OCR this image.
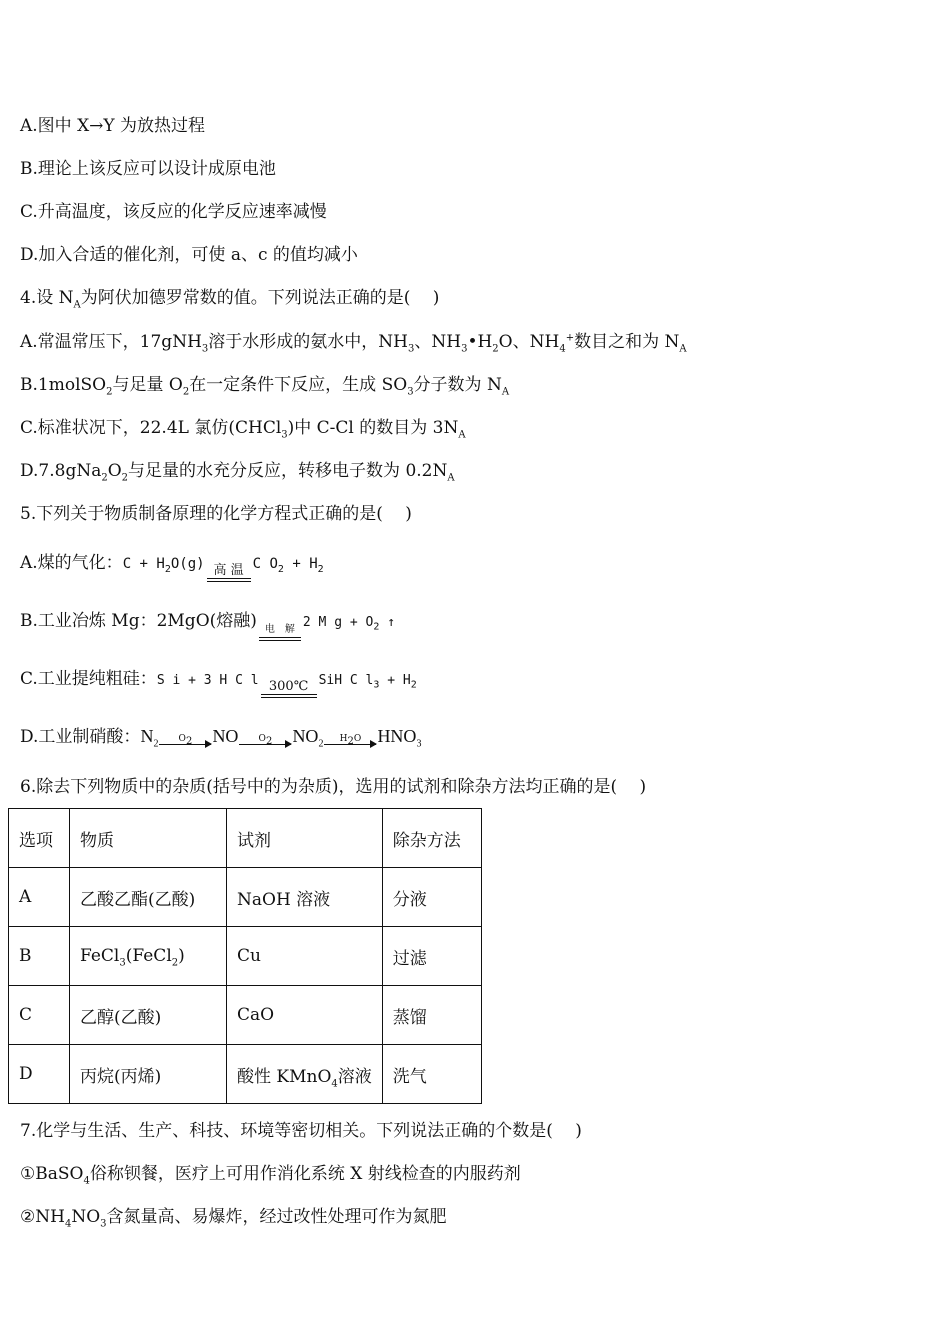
A.图中 X→Y 为放热过程
B.理论上该反应可以设计成原电池
C.升高温度，该反应的化学反应速率减慢
D.加入合适的催化剂，可使 a、c 的值均减小
4.设 $N_A$为阿伏加德罗常数的值。下列说法正确的是(　 )
A.常温常压下，17gNH$_3$溶于水形成的氨水中，$NH_3$、$NH_3•H_2O$、$NH_4^+$数目之和为 $N_A$
B.1molSO$_2$与足量 $O_2$在一定条件下反应，生成 $SO_3$分子数为 $N_A$
C.标准状况下，22.4L 氯仿(CHCl$_3$)中 C-Cl 的数目为 $3N_A$
$D.7.8gNa_2O_2$与足量的水充分反应，转移电子数为 $0.2N_A$
5.下列关于物质制备原理的化学方程式正确的是(　 )
A.煤的气化：$C + H_2O(g)$ 高 温 C $O_2 + H_2$
B.工业冶炼 Mg：2MgO(熔融) 电　解 2 M $g + O_2$ ↑
C.工业提纯粗硅：S i + 3 H C l 300℃ SiH C $l_3 + H_2$
D.工业制硝酸：$N_2$	$O_2$	NO	$O_2$	$NO_2$	$H_2O$ $HNO_3$
6.除去下列物质中的杂质(括号中的为杂质)，选用的试剂和除杂方法均正确的是(　 )
选项	物质	试剂	除杂方法
A	乙酸乙酯(乙酸)	NaOH 溶液	分液
B	FeCl$_3$(FeCl$_2$)	Cu	过滤
C	乙醇(乙酸)	CaO	蒸馏
D	丙烷(丙烯)	酸性 KMnO$_4$溶液	洗气
7.化学与生活、生产、科技、环境等密切相关。下列说法正确的个数是(　 )
①BaSO$_4$俗称钡餐，医疗上可用作消化系统 X 射线检查的内服药剂
$②NH_4NO_3$含氮量高、易爆炸，经过改性处理可作为氮肥
